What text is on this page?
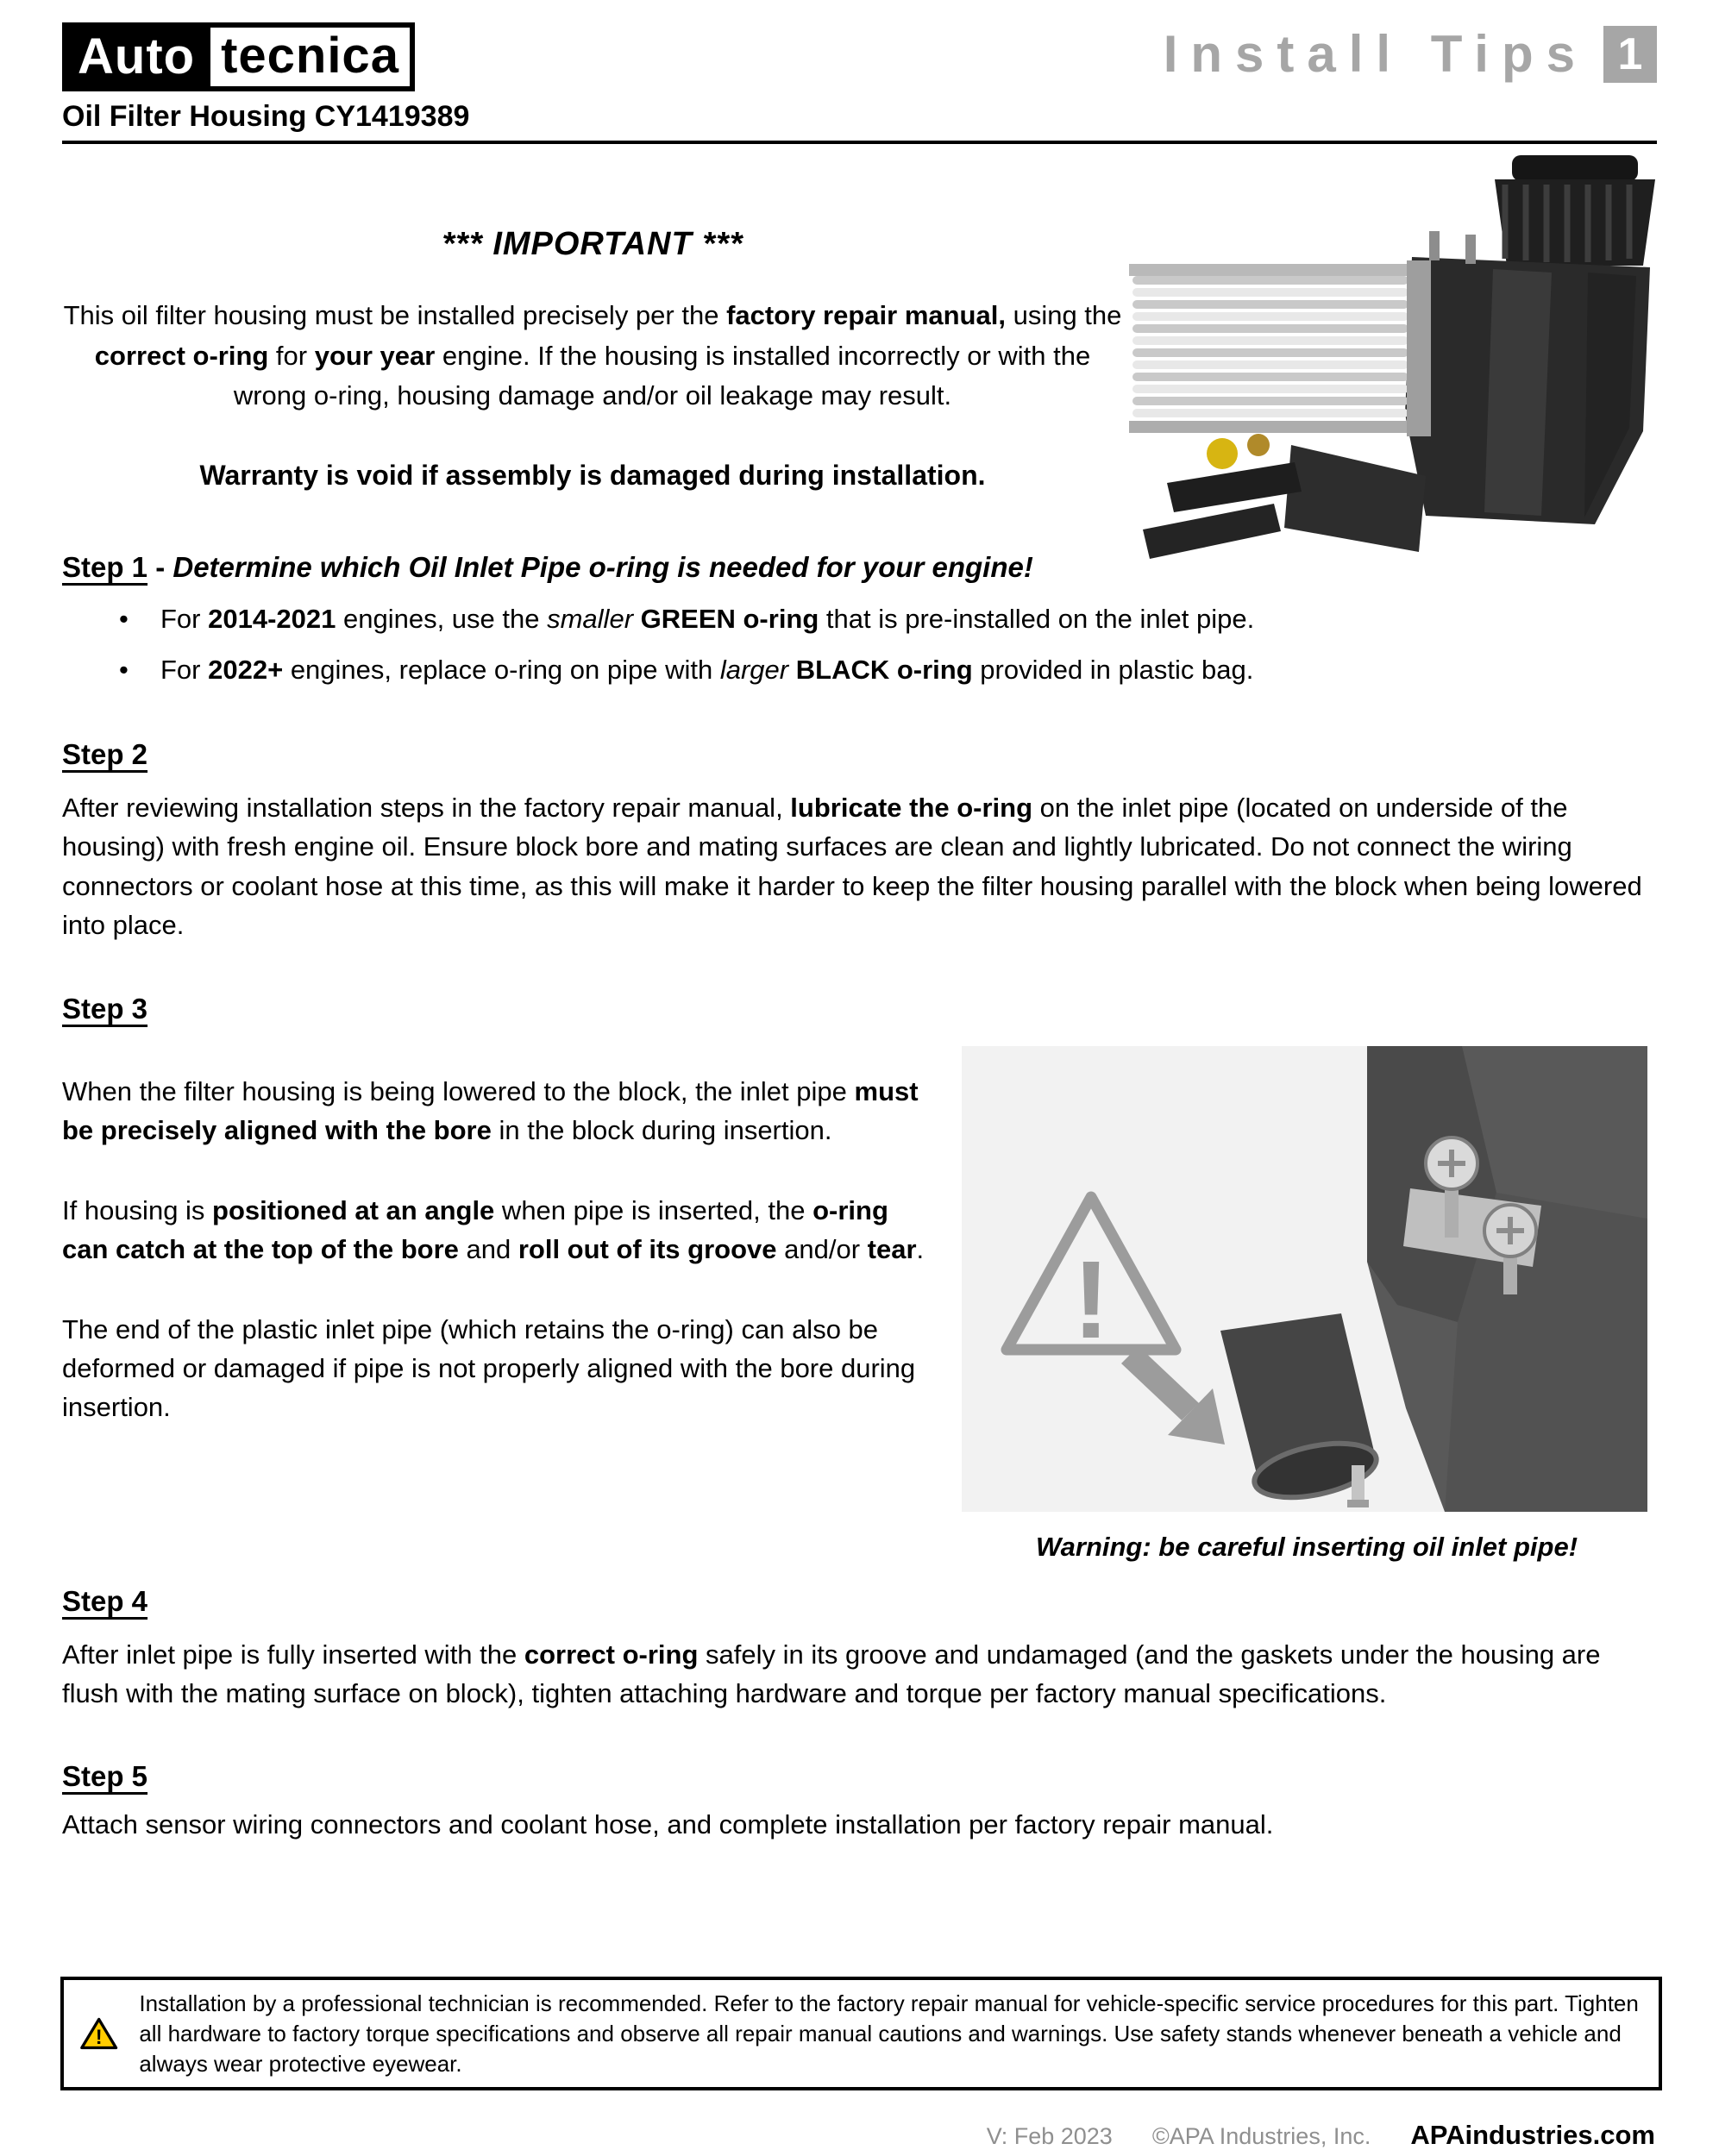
Auto tecnica	Install Tips 1
Oil Filter Housing CY1419389
*** IMPORTANT ***

This oil filter housing must be installed precisely per the factory repair manual, using the correct o-ring for your year engine. If the housing is installed incorrectly or with the wrong o-ring, housing damage and/or oil leakage may result.

Warranty is void if assembly is damaged during installation.

Step 1 - Determine which Oil Inlet Pipe o-ring is needed for your engine!
•	For 2014-2021 engines, use the smaller GREEN o-ring that is pre-installed on the inlet pipe.
•	For 2022+ engines, replace o-ring on pipe with larger BLACK o-ring provided in plastic bag.
Step 2

After reviewing installation steps in the factory repair manual, lubricate the o-ring on the inlet pipe (located on underside of the housing) with fresh engine oil. Ensure block bore and mating surfaces are clean and lightly lubricated. Do not connect the wiring connectors or coolant hose at this time, as this will make it harder to keep the filter housing parallel with the block when being lowered into place.

Step 3

When the filter housing is being lowered to the block, the inlet pipe must be precisely aligned with the bore in the block during insertion.

If housing is positioned at an angle when pipe is inserted, the o-ring can catch at the top of the bore and roll out of its groove and/or tear.

The end of the plastic inlet pipe (which retains the o-ring) can also be deformed or damaged if pipe is not properly aligned with the bore during insertion.

!
Warning: be careful inserting oil inlet pipe!
Step 4

After inlet pipe is fully inserted with the correct o-ring safely in its groove and undamaged (and the gaskets under the housing are flush with the mating surface on block), tighten attaching hardware and torque per factory manual specifications.

Step 5

Attach sensor wiring connectors and coolant hose, and complete installation per factory repair manual.

!
Installation by a professional technician is recommended. Refer to the factory repair manual for vehicle-specific service procedures for this part. Tighten all hardware to factory torque specifications and observe all repair manual cautions and warnings. Use safety stands whenever beneath a vehicle and always wear protective eyewear.
V: Feb 2023 ©APA Industries, Inc. APAindustries.com
